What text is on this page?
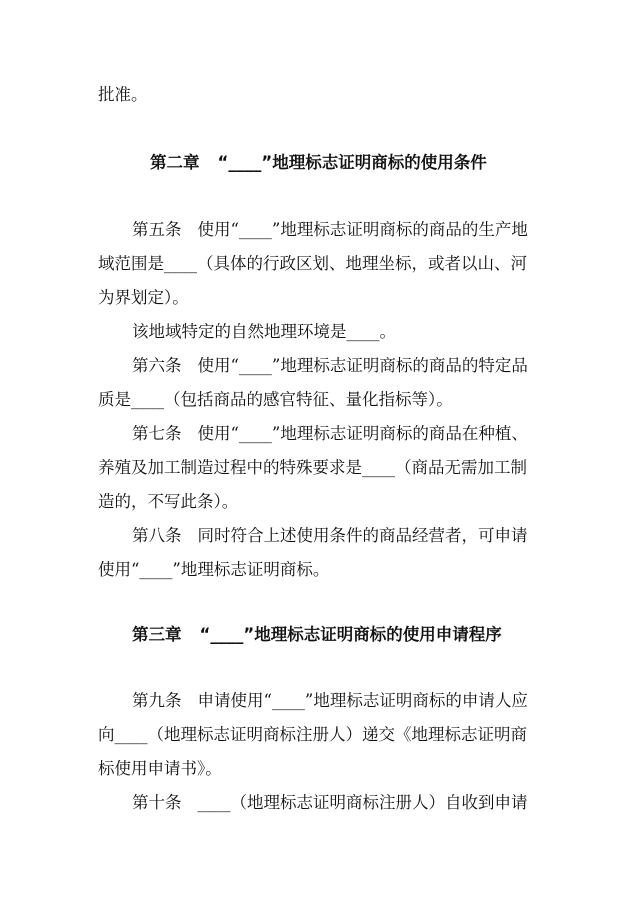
批准。
第二章 “____”地理标志证明商标的使用条件
第五条 使用“____”地理标志证明商标的商品的生产地
域范围是____（具体的行政区划、地理坐标，或者以山、河
为界划定）。
该地域特定的自然地理环境是____。
第六条 使用“____”地理标志证明商标的商品的特定品
质是____（包括商品的感官特征、量化指标等）。
第七条 使用“____”地理标志证明商标的商品在种植、
养殖及加工制造过程中的特殊要求是____（商品无需加工制
造的，不写此条）。
第八条 同时符合上述使用条件的商品经营者，可申请
使用“____”地理标志证明商标。
第三章 “____”地理标志证明商标的使用申请程序
第九条 申请使用“____”地理标志证明商标的申请人应
向____（地理标志证明商标注册人）递交《地理标志证明商
标使用申请书》。
第十条 ____（地理标志证明商标注册人）自收到申请
